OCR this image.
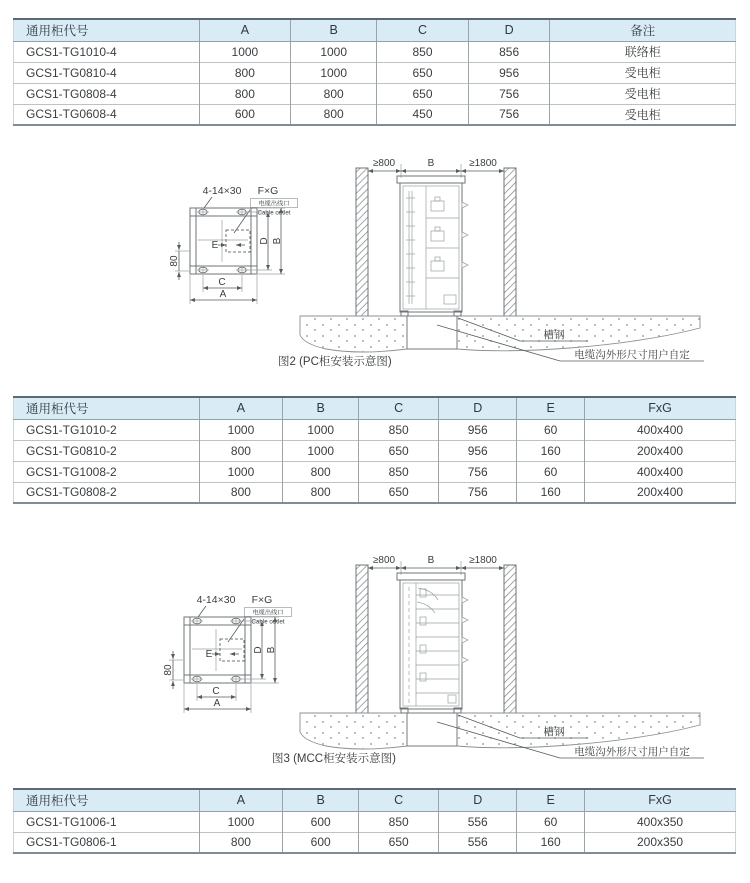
通用柜代号	A	B	C	D	备注
GCS1-TG1010-4	1000	1000	850	856	联络柜
GCS1-TG0810-4	800	1000	650	956	受电柜
GCS1-TG0808-4	800	800	650	756	受电柜
GCS1-TG0608-4	600	800	450	756	受电柜
4-14×30 F×G
电缆出线口
Cable outlet
E
80
C
A
D B
≥800	B	≥1800
槽钢
电缆沟外形尺寸用户自定
图2 (PC柜安装示意图)
通用柜代号	A	B	C	D	E	FxG
GCS1-TG1010-2	1000	1000	850	956	60	400x400
GCS1-TG0810-2	800	1000	650	956	160	200x400
GCS1-TG1008-2	1000	800	850	756	60	400x400
GCS1-TG0808-2	800	800	650	756	160	200x400
4-14×30 F×G
电缆出线口
Cable outlet
E
80
C
A
D B
≥800	B	≥1800
槽钢
电缆沟外形尺寸用户自定
图3 (MCC柜安装示意图)
通用柜代号	A	B	C	D	E	FxG
GCS1-TG1006-1	1000	600	850	556	60	400x350
GCS1-TG0806-1	800	600	650	556	160	200x350
